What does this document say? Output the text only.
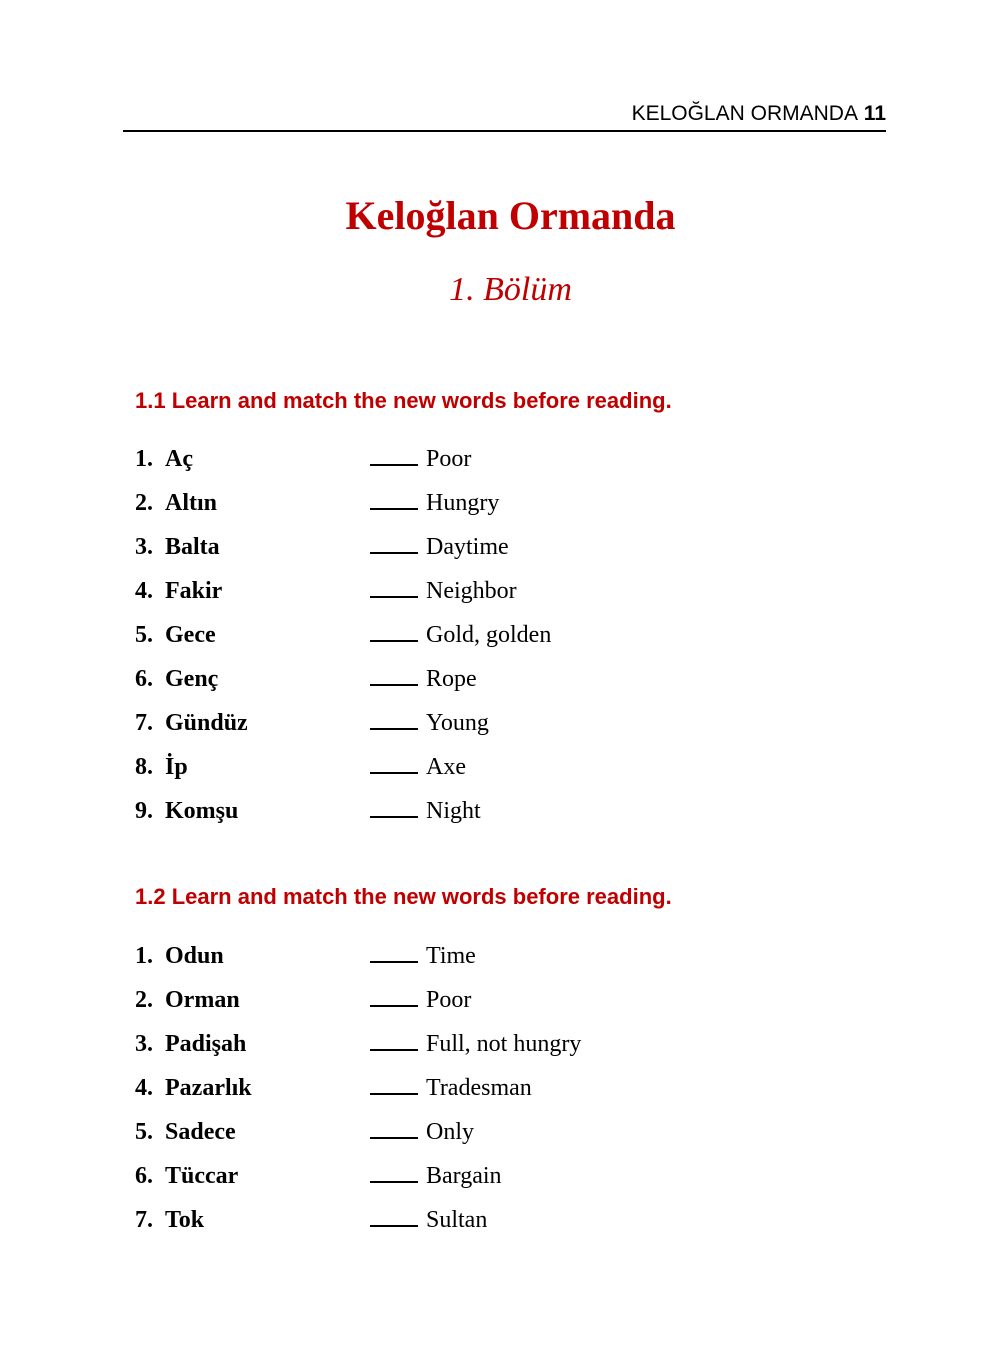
KELOĞLAN ORMANDA 11
Keloğlan Ormanda
1. Bölüm
1.1 Learn and match the new words before reading.
1. Aç	Poor
2. Altın	Hungry
3. Balta	Daytime
4. Fakir	Neighbor
5. Gece	Gold, golden
6. Genç	Rope
7. Gündüz	Young
8. İp	Axe
9. Komşu	Night
1.2 Learn and match the new words before reading.
1. Odun	Time
2. Orman	Poor
3. Padişah	Full, not hungry
4. Pazarlık	Tradesman
5. Sadece	Only
6. Tüccar	Bargain
7. Tok	Sultan
